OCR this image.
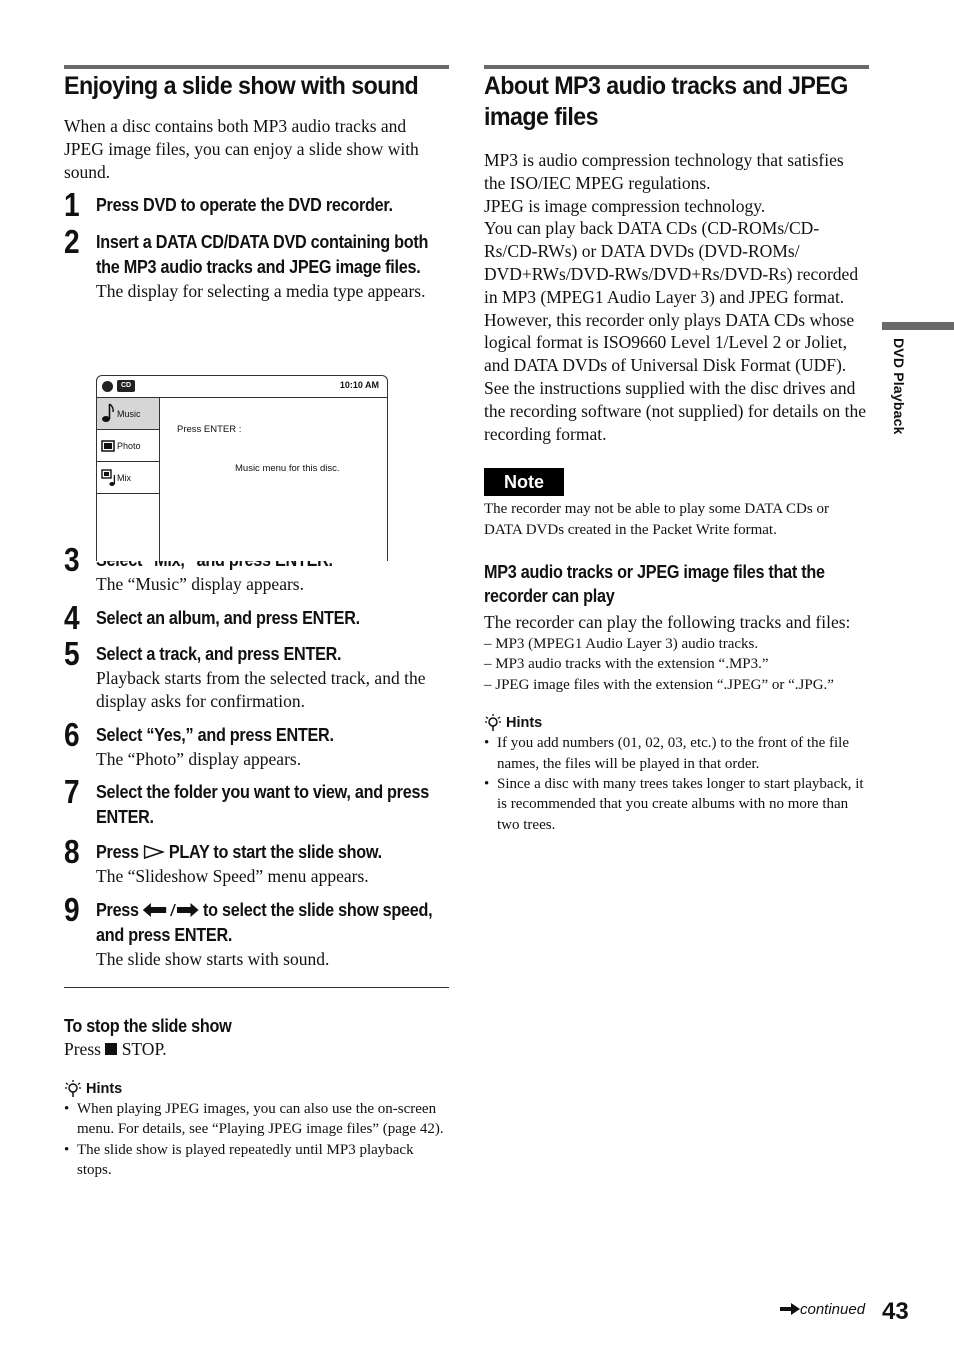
Enjoying a slide show with sound

When a disc contains both MP3 audio tracks and JPEG image files, you can enjoy a slide show with sound.

1 Press DVD to operate the DVD recorder.
2 Insert a DATA CD/DATA DVD containing both the MP3 audio tracks and JPEG image files.
The display for selecting a media type appears.
3
The “Music” display appears.
4 Select an album, and press ENTER.
5 Select a track, and press ENTER.
Playback starts from the selected track, and the display asks for confirmation.
6 Select “Yes,” and press ENTER.
The “Photo” display appears.
7 Select the folder you want to view, and press ENTER.
8 Press  PLAY to start the slide show.
The “Slideshow Speed” menu appears.
9 Press	to select the slide show speed, and press ENTER.
The slide show starts with sound.
To stop the slide show

Press  STOP.

Hints
• When playing JPEG images, you can also use the on-screen menu. For details, see “Playing JPEG image files” (page 42).
• The slide show is played repeatedly until MP3 playback stops.
CD	10:10 AM
Music
Photo
Mix
Press ENTER :
Music menu for this disc.
About MP3 audio tracks and JPEG image files

MP3 is audio compression technology that satisfies the ISO/IEC MPEG regulations.

JPEG is image compression technology.

You can play back DATA CDs (CD-ROMs/CD-Rs/CD-RWs) or DATA DVDs (DVD-ROMs/ DVD+RWs/DVD-RWs/DVD+Rs/DVD-Rs) recorded in MP3 (MPEG1 Audio Layer 3) and JPEG format.

However, this recorder only plays DATA CDs whose logical format is ISO9660 Level 1/Level 2 or Joliet, and DATA DVDs of Universal Disk Format (UDF).

See the instructions supplied with the disc drives and the recording software (not supplied) for details on the recording format.

Note

The recorder may not be able to play some DATA CDs or DATA DVDs created in the Packet Write format.

MP3 audio tracks or JPEG image files that the recorder can play

The recorder can play the following tracks and files:

– MP3 (MPEG1 Audio Layer 3) audio tracks.
– MP3 audio tracks with the extension “.MP3.”
– JPEG image files with the extension “.JPEG” or “.JPG.”
Hints
• If you add numbers (01, 02, 03, etc.) to the front of the file names, the files will be played in that order.
• Since a disc with many trees takes longer to start playback, it is recommended that you create albums with no more than two trees.
DVD Playback
continued 43
